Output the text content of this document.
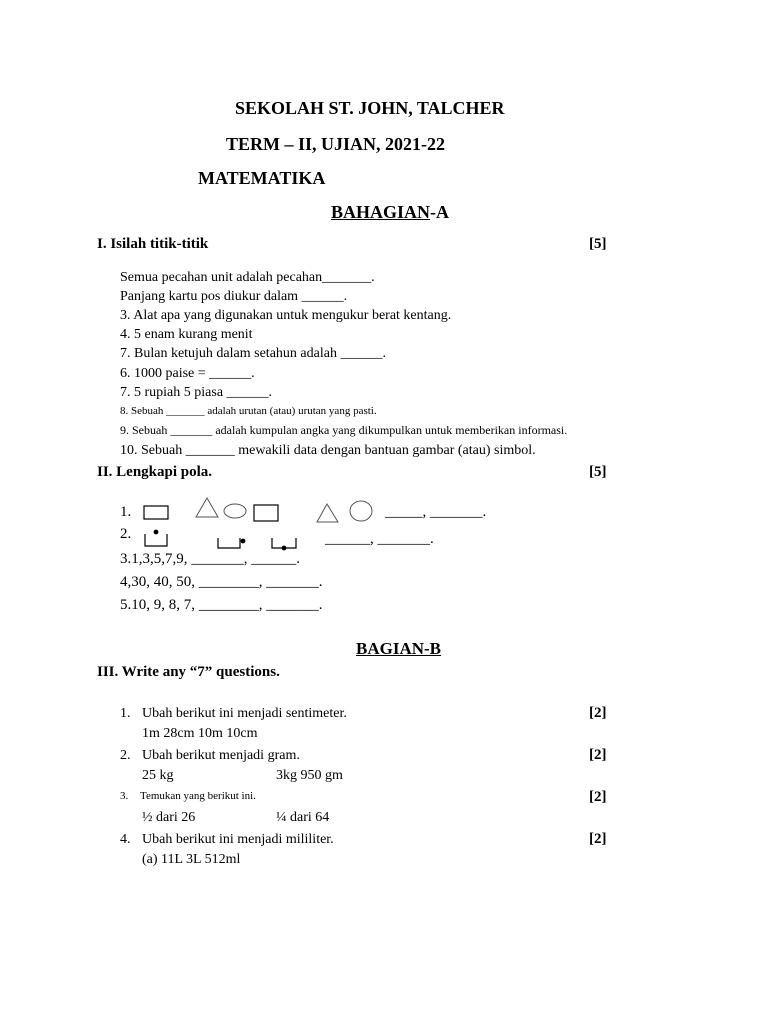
SEKOLAH ST. JOHN, TALCHER
TERM – II, UJIAN, 2021-22
MATEMATIKA
BAHAGIAN-A
I. Isilah titik-titik	[5]
Semua pecahan unit adalah pecahan_______.
Panjang kartu pos diukur dalam ______.
3. Alat apa yang digunakan untuk mengukur berat kentang.
4. 5 enam kurang menit
7. Bulan ketujuh dalam setahun adalah ______.
6. 1000 paise = ______.
7. 5 rupiah 5 piasa ______.
8. Sebuah _______ adalah urutan (atau) urutan yang pasti.
9. Sebuah _______ adalah kumpulan angka yang dikumpulkan untuk memberikan informasi.
10. Sebuah _______ mewakili data dengan bantuan gambar (atau) simbol.
II. Lengkapi pola.	[5]
1.	_____, _______.
2.	______, _______.
3.1,3,5,7,9, _______, ______.
4,30, 40, 50, ________, _______.
5.10, 9, 8, 7, ________, _______.
BAGIAN-B
III. Write any “7” questions.
1. Ubah berikut ini menjadi sentimeter.	[2]
1m 28cm 10m 10cm
2. Ubah berikut menjadi gram.	[2]
25 kg	3kg 950 gm
3. Temukan yang berikut ini.	[2]
½ dari 26	¼ dari 64
4. Ubah berikut ini menjadi mililiter.	[2]
(a) 11L 3L 512ml
